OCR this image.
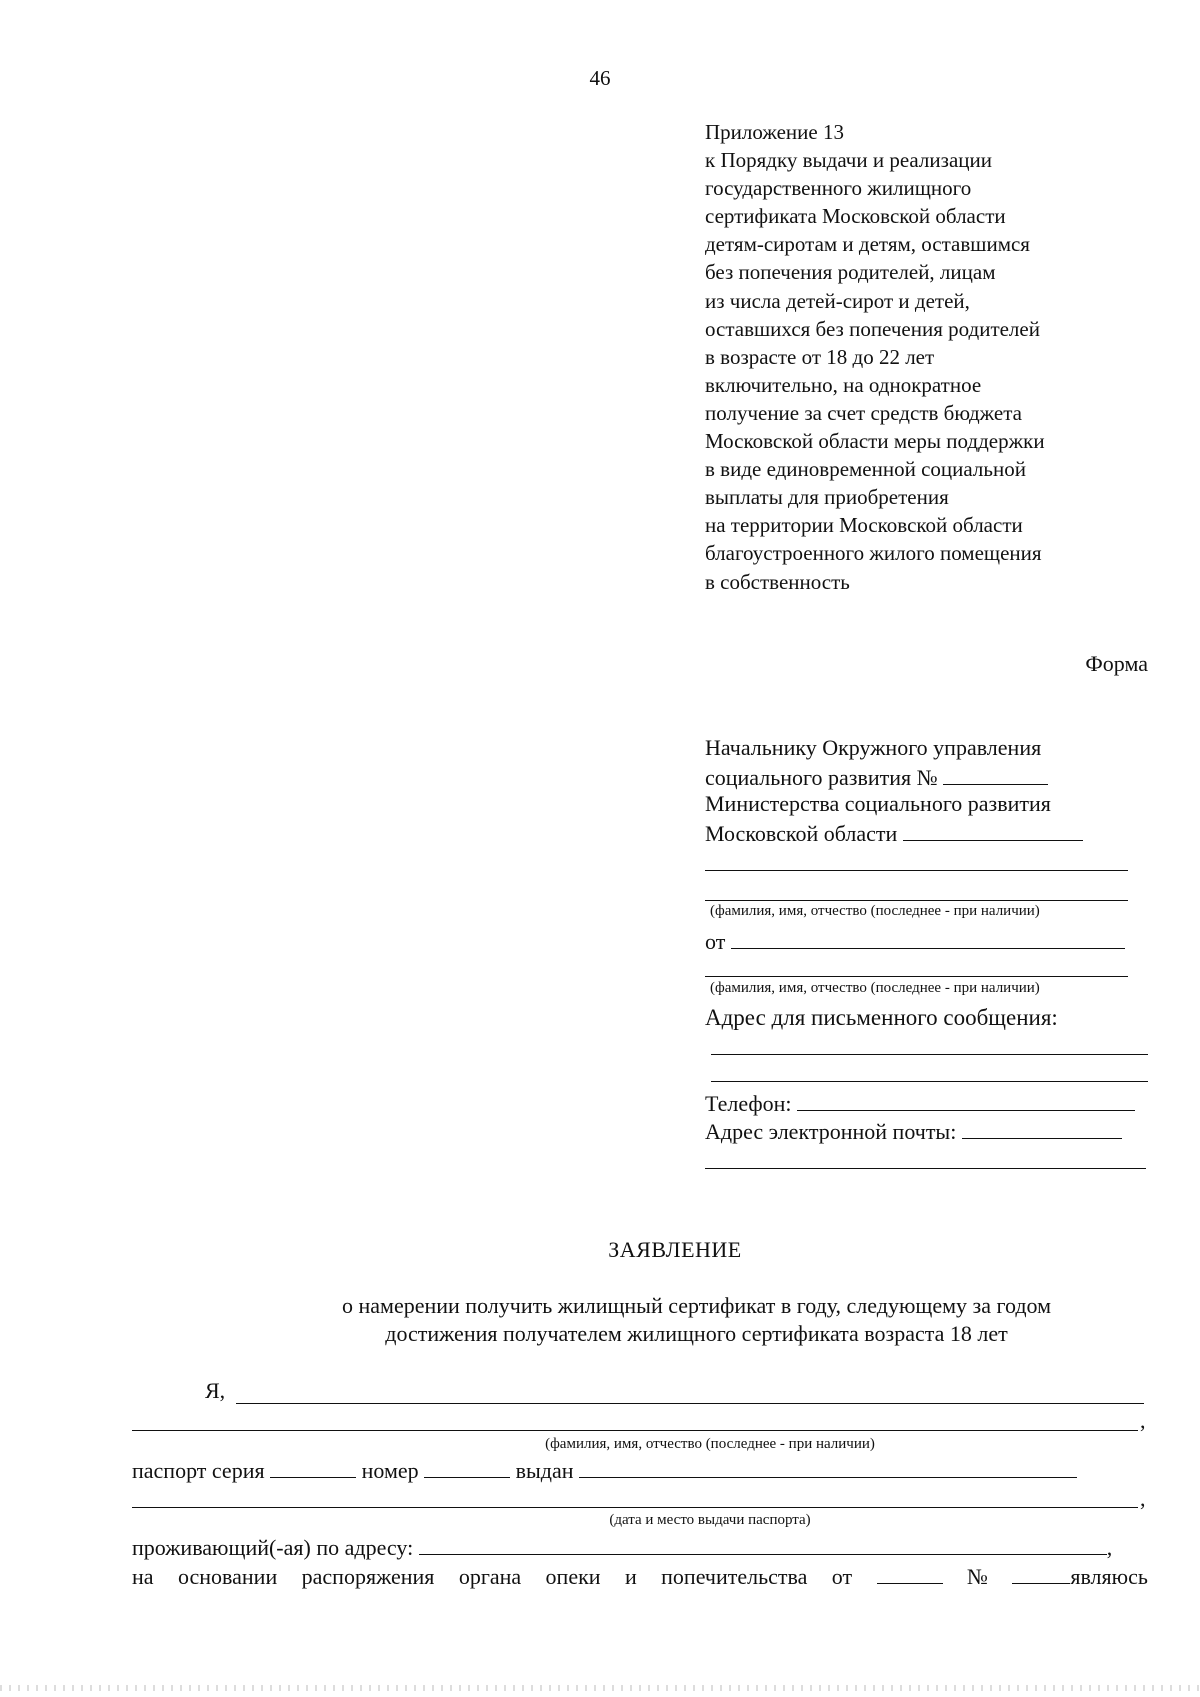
46
Приложение 13
к Порядку выдачи и реализации
государственного жилищного
сертификата Московской области
детям-сиротам и детям, оставшимся
без попечения родителей, лицам
из числа детей-сирот и детей,
оставшихся без попечения родителей
в возрасте от 18 до 22 лет
включительно, на однократное
получение за счет средств бюджета
Московской области меры поддержки
в виде единовременной социальной
выплаты для приобретения
на территории Московской области
благоустроенного жилого помещения
в собственность
Форма
Начальнику Окружного управления
социального развития №
Министерства социального развития
Московской области
(фамилия, имя, отчество (последнее - при наличии)
от
(фамилия, имя, отчество (последнее - при наличии)
Адрес для письменного сообщения:
Телефон:
Адрес электронной почты:
ЗАЯВЛЕНИЕ
о намерении получить жилищный сертификат в году, следующему за годом
достижения получателем жилищного сертификата возраста 18 лет
Я,
,
(фамилия, имя, отчество (последнее - при наличии)
паспорт серия	номер	выдан
,
(дата и место выдачи паспорта)
проживающий(-ая) по адресу:	,
на основании распоряжения органа опеки и попечительства от	№	являюсь
